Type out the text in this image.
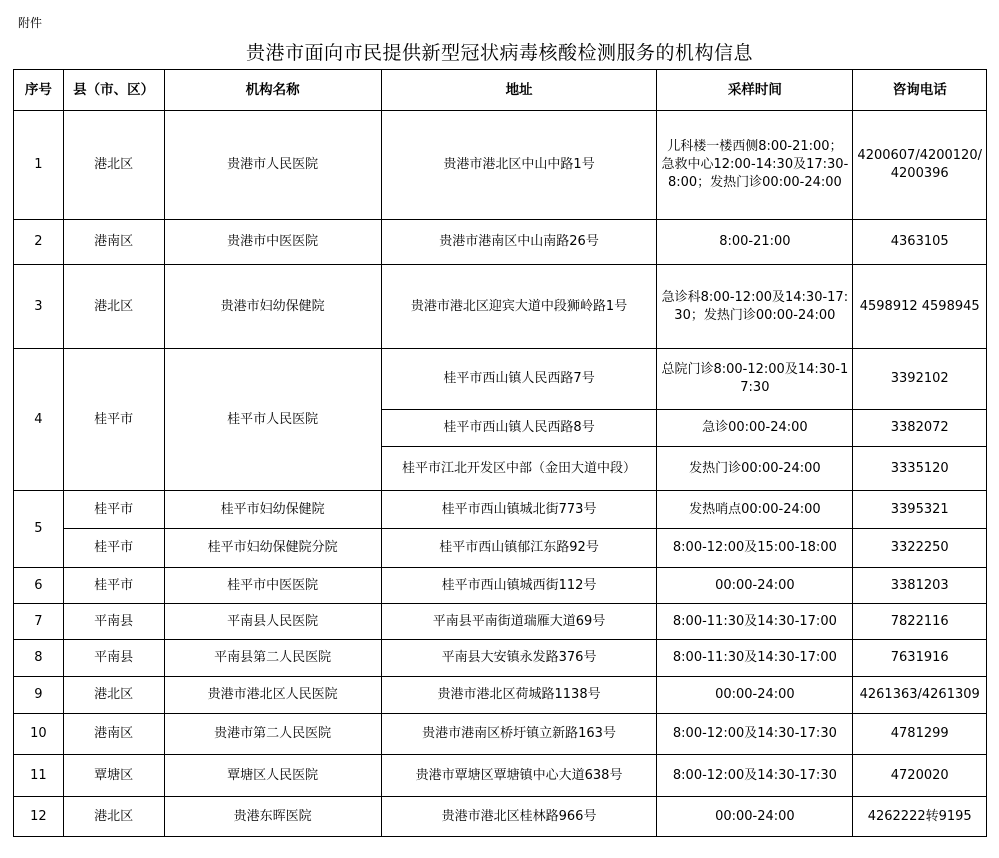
附件
贵港市面向市民提供新型冠状病毒核酸检测服务的机构信息
序号	县（市、区）	机构名称	地址	采样时间	咨询电话
1	港北区	贵港市人民医院	贵港市港北区中山中路1号	儿科楼一楼西侧8:00-21:00；急救中心12:00-14:30及17:30-8:00；发热门诊00:00-24:00	4200607/4200120/4200396
2	港南区	贵港市中医医院	贵港市港南区中山南路26号	8:00-21:00	4363105
3	港北区	贵港市妇幼保健院	贵港市港北区迎宾大道中段狮岭路1号	急诊科8:00-12:00及14:30-17:30；发热门诊00:00-24:00	4598912 4598945
4	桂平市	桂平市人民医院	桂平市西山镇人民西路7号	总院门诊8:00-12:00及14:30-17:30	3392102
			桂平市西山镇人民西路8号	急诊00:00-24:00	3382072
			桂平市江北开发区中部（金田大道中段）	发热门诊00:00-24:00	3335120
5	桂平市	桂平市妇幼保健院	桂平市西山镇城北街773号	发热哨点00:00-24:00	3395321
	桂平市	桂平市妇幼保健院分院	桂平市西山镇郁江东路92号	8:00-12:00及15:00-18:00	3322250
6	桂平市	桂平市中医医院	桂平市西山镇城西街112号	00:00-24:00	3381203
7	平南县	平南县人民医院	平南县平南街道瑞雁大道69号	8:00-11:30及14:30-17:00	7822116
8	平南县	平南县第二人民医院	平南县大安镇永发路376号	8:00-11:30及14:30-17:00	7631916
9	港北区	贵港市港北区人民医院	贵港市港北区荷城路1138号	00:00-24:00	4261363/4261309
10	港南区	贵港市第二人民医院	贵港市港南区桥圩镇立新路163号	8:00-12:00及14:30-17:30	4781299
11	覃塘区	覃塘区人民医院	贵港市覃塘区覃塘镇中心大道638号	8:00-12:00及14:30-17:30	4720020
12	港北区	贵港东晖医院	贵港市港北区桂林路966号	00:00-24:00	4262222转9195
